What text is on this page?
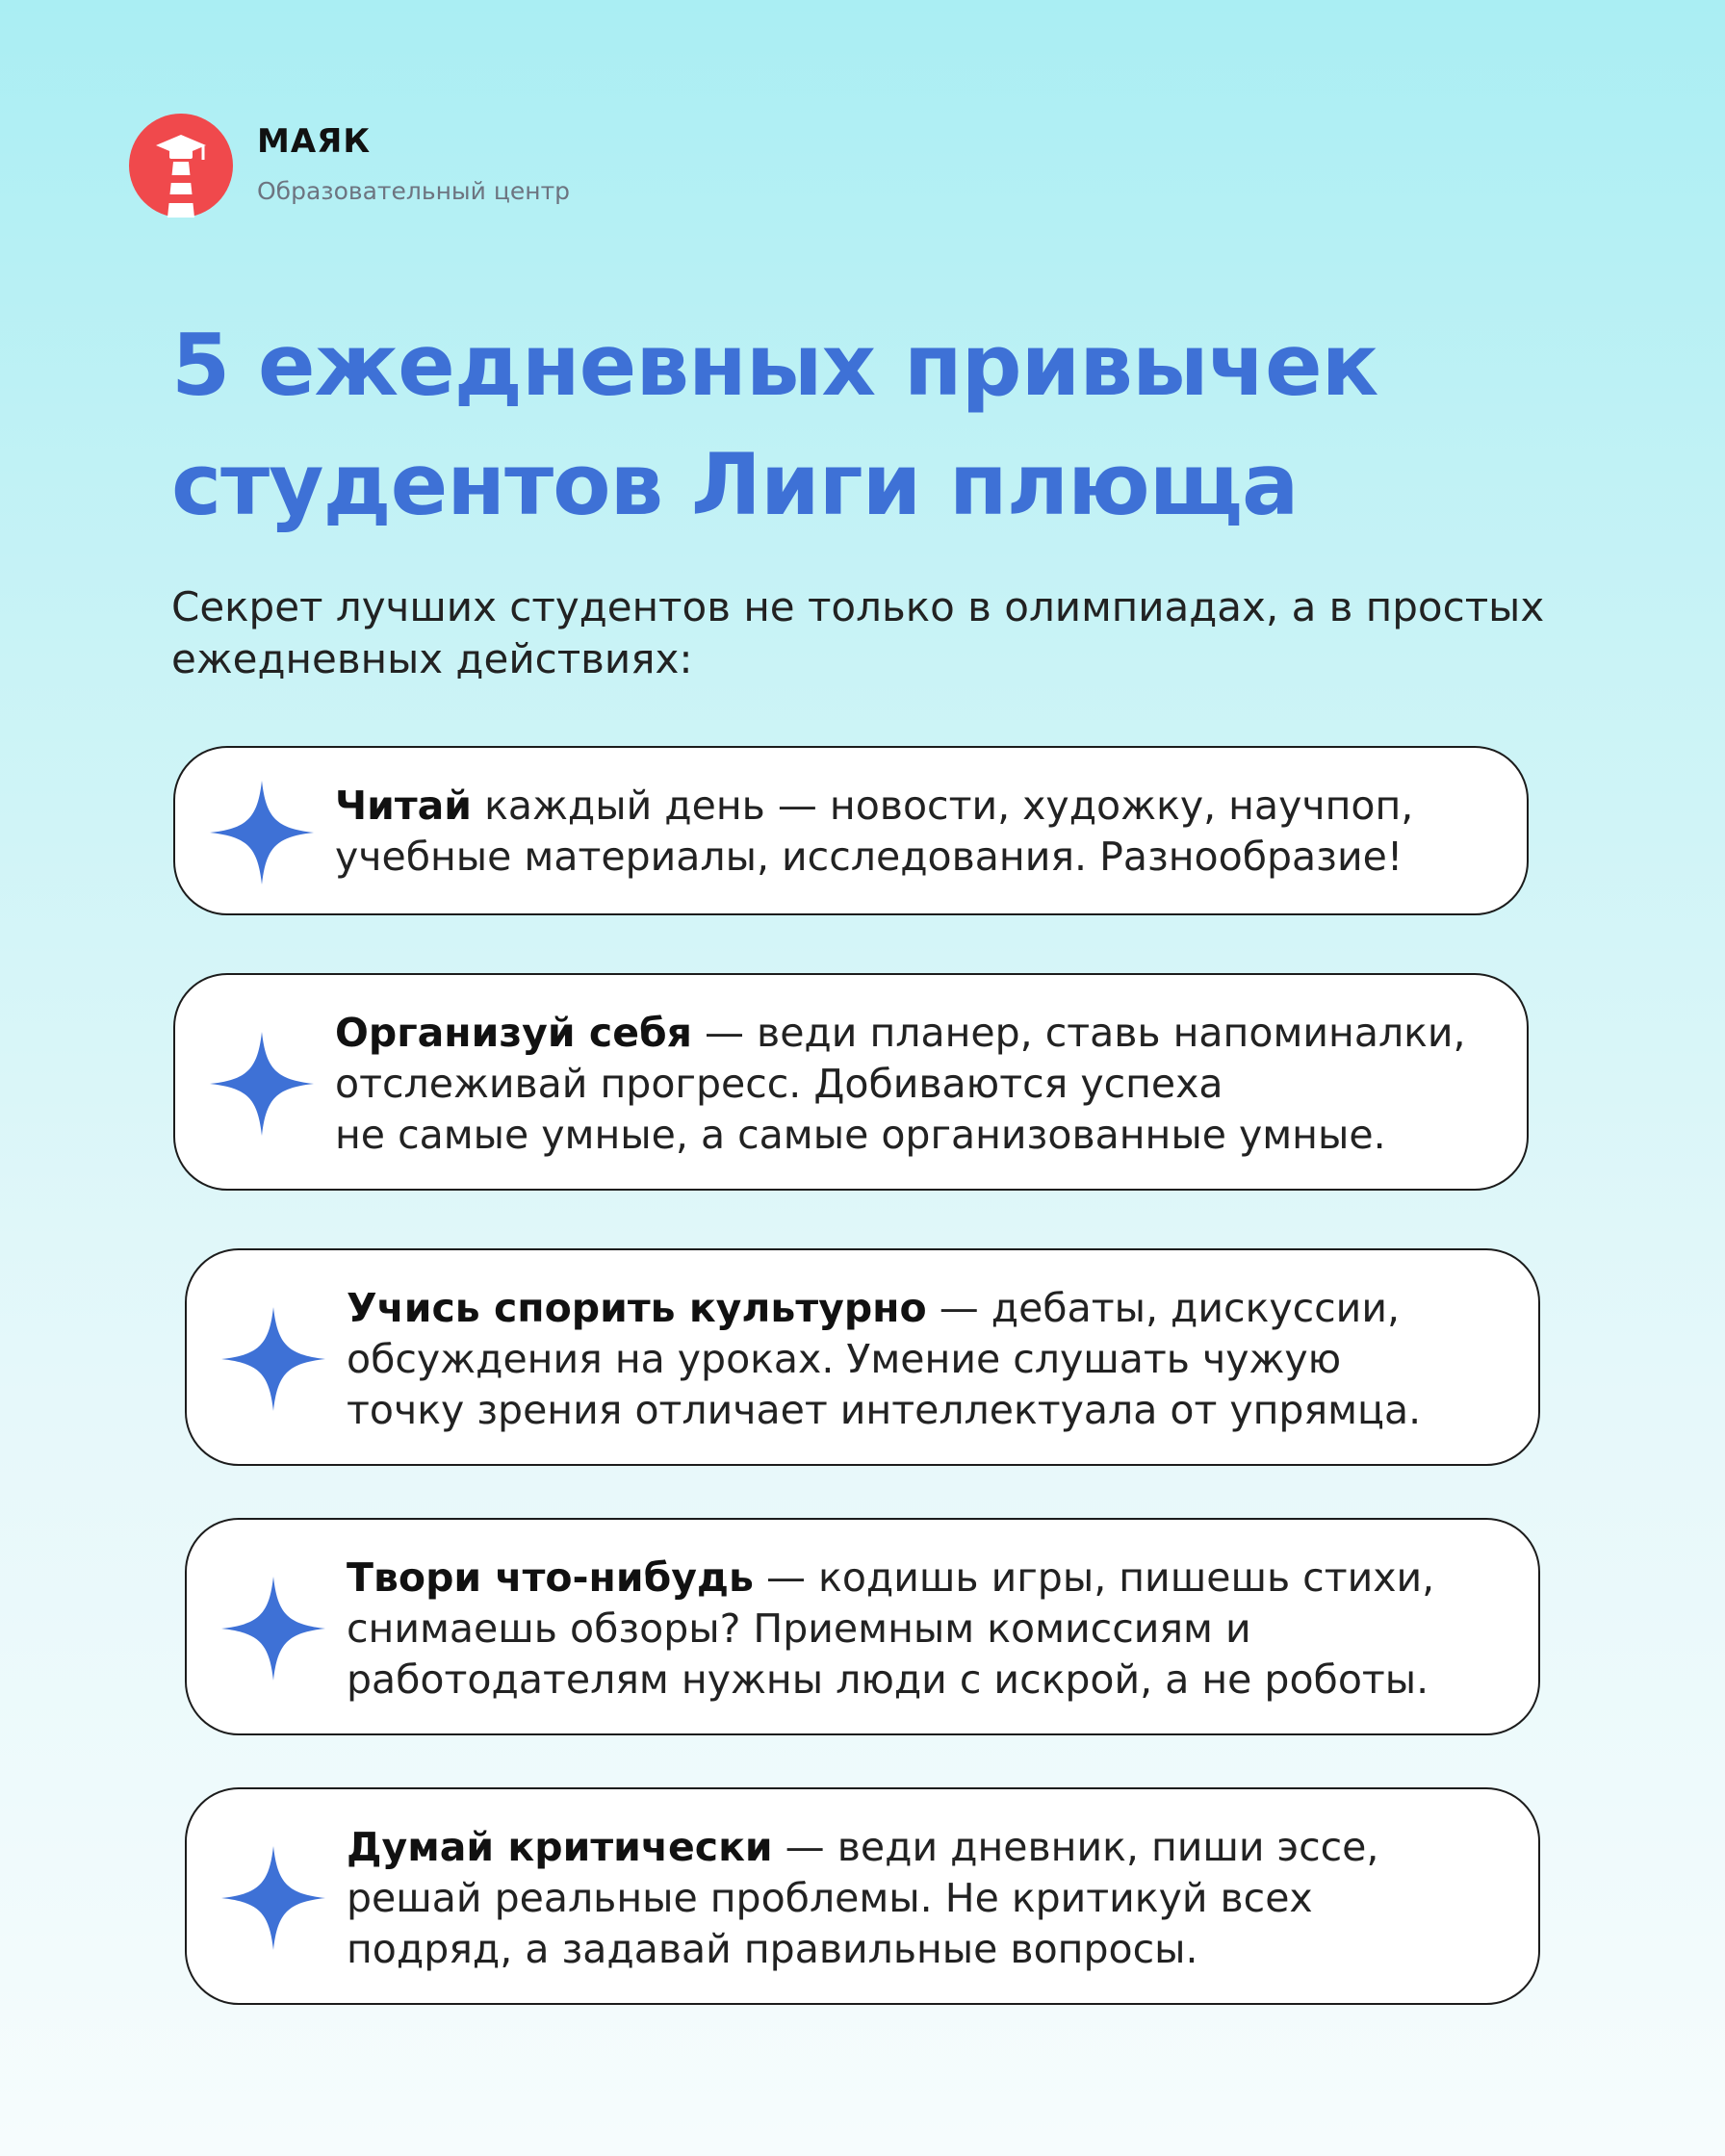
МАЯК
Образовательный центр
5 ежедневных привычек
студентов Лиги плюща
Секрет лучших студентов не только в олимпиадах, а в простых
ежедневных действиях:
Читай каждый день — новости, художку, научпоп,
учебные материалы, исследования. Разнообразие!
Организуй себя — веди планер, ставь напоминалки,
отслеживай прогресс. Добиваются успеха
не самые умные, а самые организованные умные.
Учись спорить культурно — дебаты, дискуссии,
обсуждения на уроках. Умение слушать чужую
точку зрения отличает интеллектуала от упрямца.
Твори что-нибудь — кодишь игры, пишешь стихи,
снимаешь обзоры? Приемным комиссиям и
работодателям нужны люди с искрой, а не роботы.
Думай критически — веди дневник, пиши эссе,
решай реальные проблемы. Не критикуй всех
подряд, а задавай правильные вопросы.
